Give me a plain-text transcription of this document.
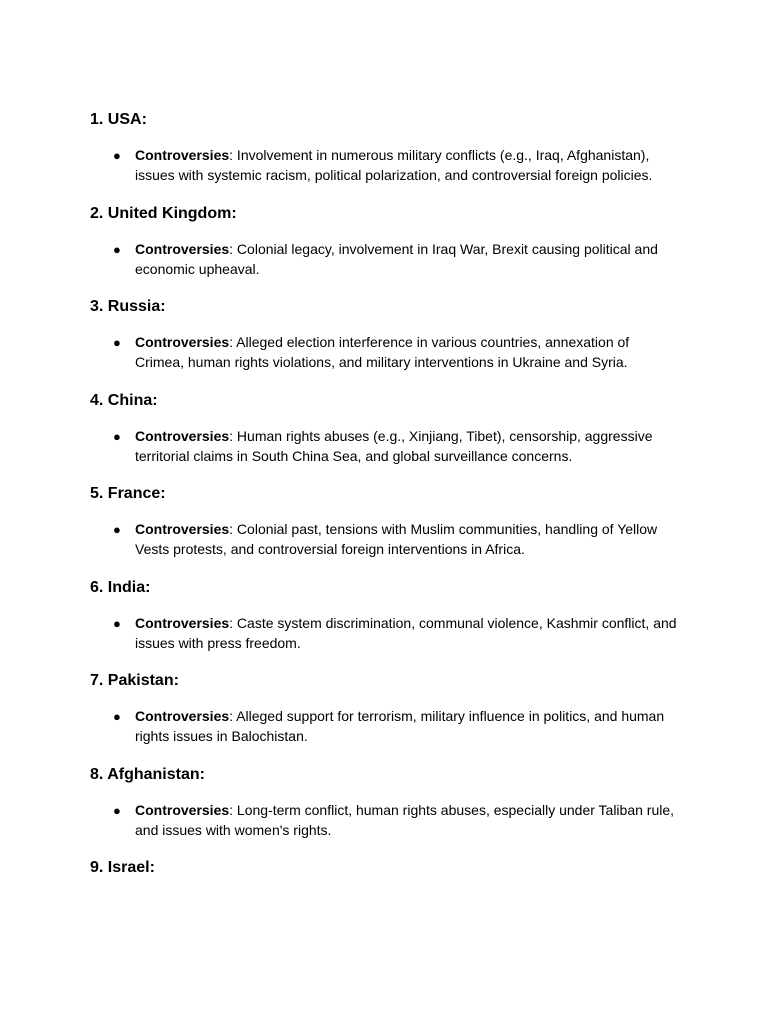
1. USA:
● Controversies: Involvement in numerous military conflicts (e.g., Iraq, Afghanistan), issues with systemic racism, political polarization, and controversial foreign policies.
2. United Kingdom:
● Controversies: Colonial legacy, involvement in Iraq War, Brexit causing political and economic upheaval.
3. Russia:
● Controversies: Alleged election interference in various countries, annexation of Crimea, human rights violations, and military interventions in Ukraine and Syria.
4. China:
● Controversies: Human rights abuses (e.g., Xinjiang, Tibet), censorship, aggressive territorial claims in South China Sea, and global surveillance concerns.
5. France:
● Controversies: Colonial past, tensions with Muslim communities, handling of Yellow Vests protests, and controversial foreign interventions in Africa.
6. India:
● Controversies: Caste system discrimination, communal violence, Kashmir conflict, and issues with press freedom.
7. Pakistan:
● Controversies: Alleged support for terrorism, military influence in politics, and human rights issues in Balochistan.
8. Afghanistan:
● Controversies: Long-term conflict, human rights abuses, especially under Taliban rule, and issues with women's rights.
9. Israel:
